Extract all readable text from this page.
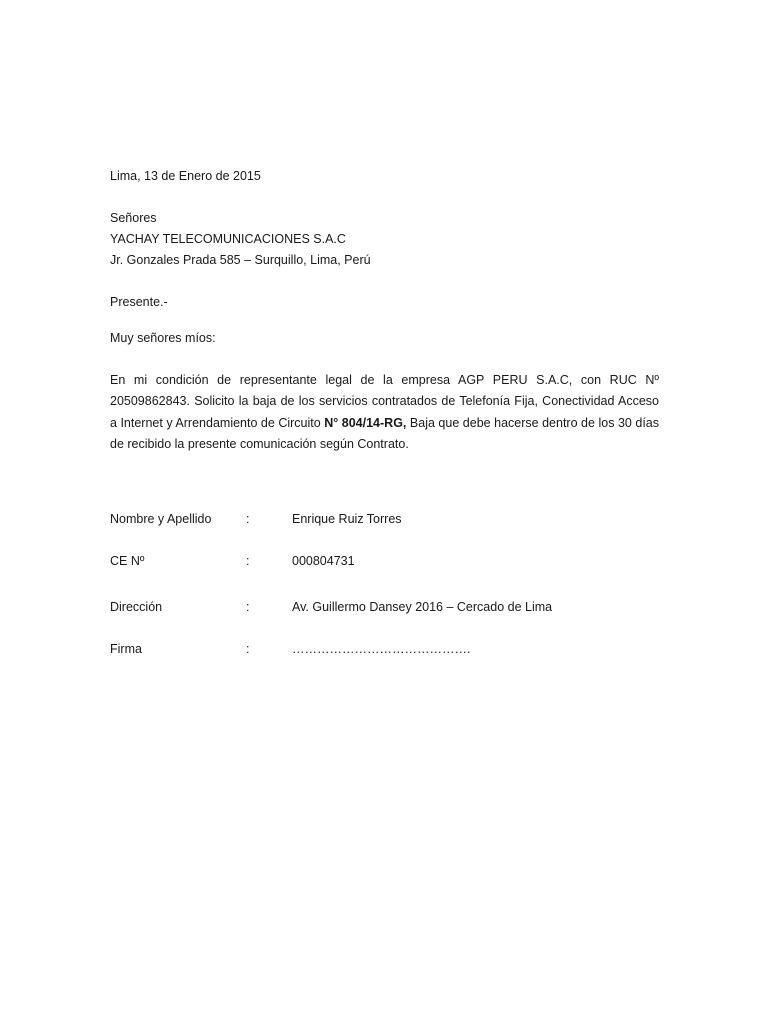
Lima, 13 de Enero de 2015
Señores
YACHAY TELECOMUNICACIONES S.A.C
Jr. Gonzales Prada 585 – Surquillo, Lima, Perú
Presente.-
Muy señores míos:
En mi condición de representante legal de la empresa AGP PERU S.A.C, con RUC Nº 20509862843. Solicito la baja de los servicios contratados de Telefonía Fija, Conectividad Acceso a Internet y Arrendamiento de Circuito N° 804/14-RG, Baja que debe hacerse dentro de los 30 días de recibido la presente comunicación según Contrato.
Nombre y Apellido	:	Enrique Ruiz Torres
CE Nº	:	000804731
Dirección	:	Av. Guillermo Dansey 2016 – Cercado de Lima
Firma	:	…………………………………….
